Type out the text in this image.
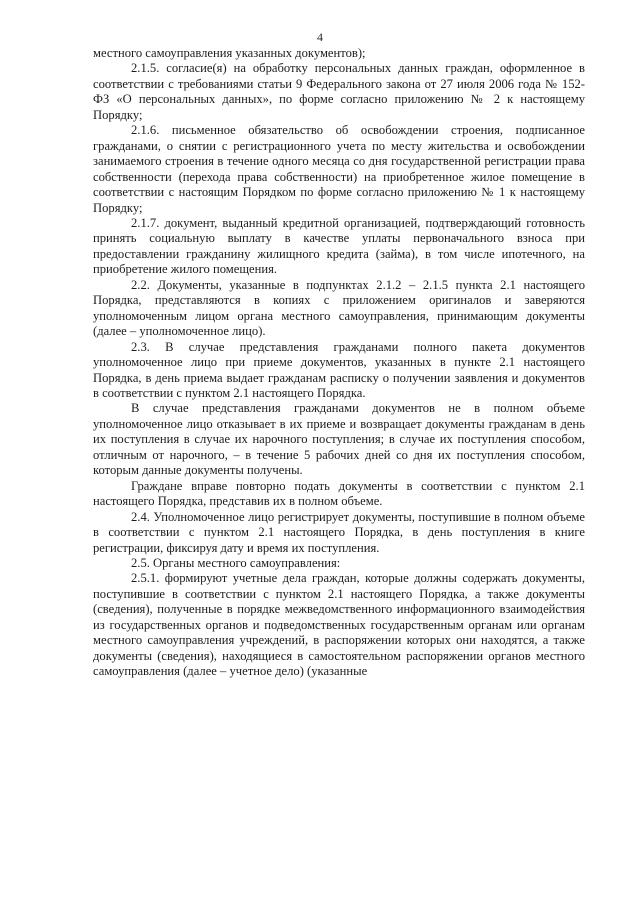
4

местного самоуправления указанных документов);

2.1.5. согласие(я) на обработку персональных данных граждан, оформленное в соответствии с требованиями статьи 9 Федерального закона от 27 июля 2006 года № 152-ФЗ «О персональных данных», по форме согласно приложению № 2 к настоящему Порядку;

2.1.6. письменное обязательство об освобождении строения, подписанное гражданами, о снятии с регистрационного учета по месту жительства и освобождении занимаемого строения в течение одного месяца со дня государственной регистрации права собственности (перехода права собственности) на приобретенное жилое помещение в соответствии с настоящим Порядком по форме согласно приложению № 1 к настоящему Порядку;

2.1.7. документ, выданный кредитной организацией, подтверждающий готовность принять социальную выплату в качестве уплаты первоначального взноса при предоставлении гражданину жилищного кредита (займа), в том числе ипотечного, на приобретение жилого помещения.

2.2. Документы, указанные в подпунктах 2.1.2 – 2.1.5 пункта 2.1 настоящего Порядка, представляются в копиях с приложением оригиналов и заверяются уполномоченным лицом органа местного самоуправления, принимающим документы (далее – уполномоченное лицо).

2.3. В случае представления гражданами полного пакета документов уполномоченное лицо при приеме документов, указанных в пункте 2.1 настоящего Порядка, в день приема выдает гражданам расписку о получении заявления и документов в соответствии с пунктом 2.1 настоящего Порядка.

В случае представления гражданами документов не в полном объеме уполномоченное лицо отказывает в их приеме и возвращает документы гражданам в день их поступления в случае их нарочного поступления; в случае их поступления способом, отличным от нарочного, – в течение 5 рабочих дней со дня их поступления способом, которым данные документы получены.

Граждане вправе повторно подать документы в соответствии с пунктом 2.1 настоящего Порядка, представив их в полном объеме.

2.4. Уполномоченное лицо регистрирует документы, поступившие в полном объеме в соответствии с пунктом 2.1 настоящего Порядка, в день поступления в книге регистрации, фиксируя дату и время их поступления.

2.5. Органы местного самоуправления:

2.5.1. формируют учетные дела граждан, которые должны содержать документы, поступившие в соответствии с пунктом 2.1 настоящего Порядка, а также документы (сведения), полученные в порядке межведомственного информационного взаимодействия из государственных органов и подведомственных государственным органам или органам местного самоуправления учреждений, в распоряжении которых они находятся, а также документы (сведения), находящиеся в самостоятельном распоряжении органов местного самоуправления (далее – учетное дело) (указанные
